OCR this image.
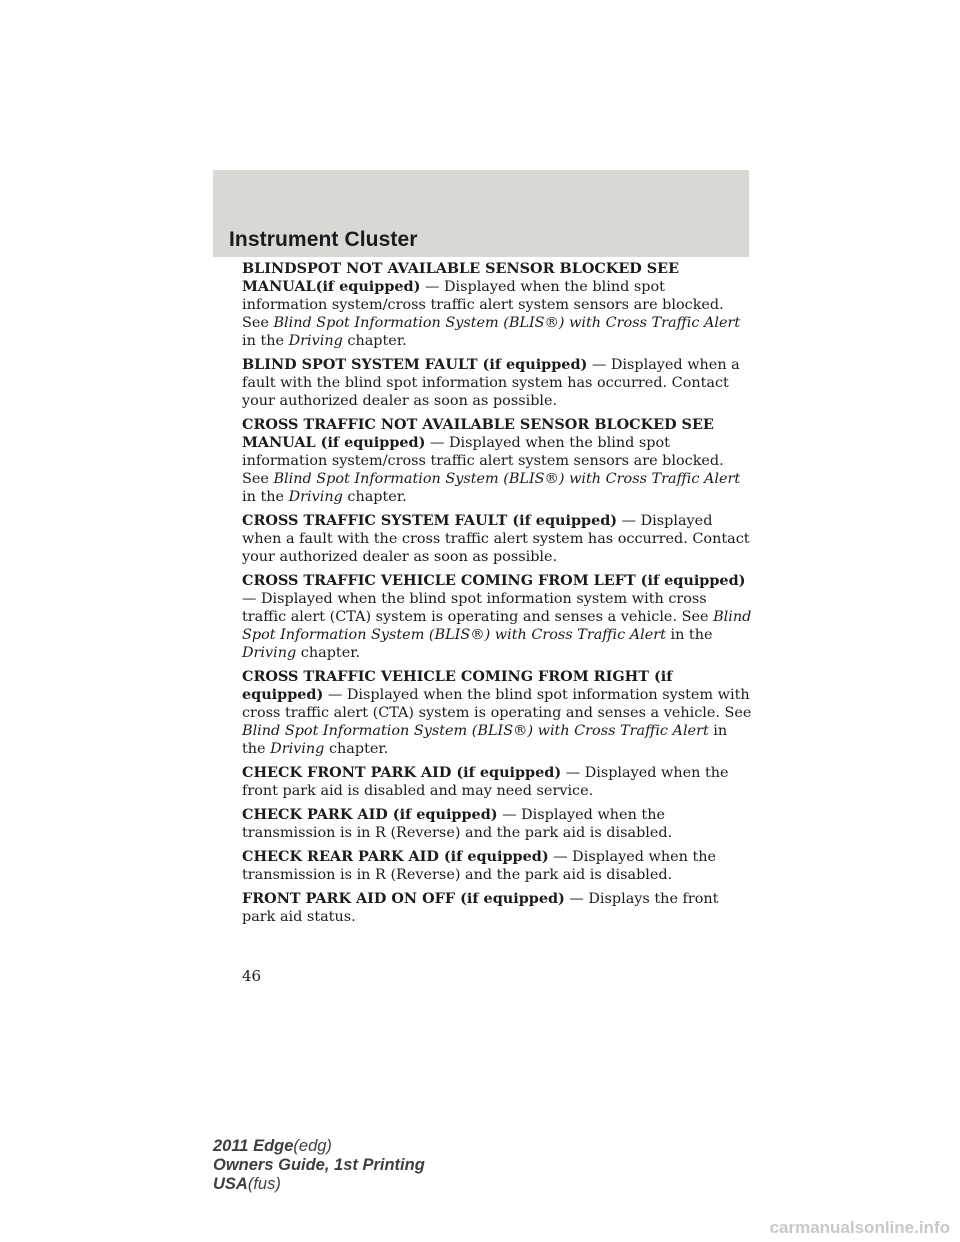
Instrument Cluster

BLINDSPOT NOT AVAILABLE SENSOR BLOCKED SEE MANUAL(if equipped) — Displayed when the blind spot information system/cross traffic alert system sensors are blocked. See Blind Spot Information System (BLIS®) with Cross Traffic Alert in the Driving chapter.

BLIND SPOT SYSTEM FAULT (if equipped) — Displayed when a fault with the blind spot information system has occurred. Contact your authorized dealer as soon as possible.

CROSS TRAFFIC NOT AVAILABLE SENSOR BLOCKED SEE MANUAL (if equipped) — Displayed when the blind spot information system/cross traffic alert system sensors are blocked. See Blind Spot Information System (BLIS®) with Cross Traffic Alert in the Driving chapter.

CROSS TRAFFIC SYSTEM FAULT (if equipped) — Displayed when a fault with the cross traffic alert system has occurred. Contact your authorized dealer as soon as possible.

CROSS TRAFFIC VEHICLE COMING FROM LEFT (if equipped) — Displayed when the blind spot information system with cross traffic alert (CTA) system is operating and senses a vehicle. See Blind Spot Information System (BLIS®) with Cross Traffic Alert in the Driving chapter.

CROSS TRAFFIC VEHICLE COMING FROM RIGHT (if equipped) — Displayed when the blind spot information system with cross traffic alert (CTA) system is operating and senses a vehicle. See Blind Spot Information System (BLIS®) with Cross Traffic Alert in the Driving chapter.

CHECK FRONT PARK AID (if equipped) — Displayed when the front park aid is disabled and may need service.

CHECK PARK AID (if equipped) — Displayed when the transmission is in R (Reverse) and the park aid is disabled.

CHECK REAR PARK AID (if equipped) — Displayed when the transmission is in R (Reverse) and the park aid is disabled.

FRONT PARK AID ON OFF (if equipped) — Displays the front park aid status.

46
2011 Edge(edg)
Owners Guide, 1st Printing
USA(fus)
carmanualsonline.info
